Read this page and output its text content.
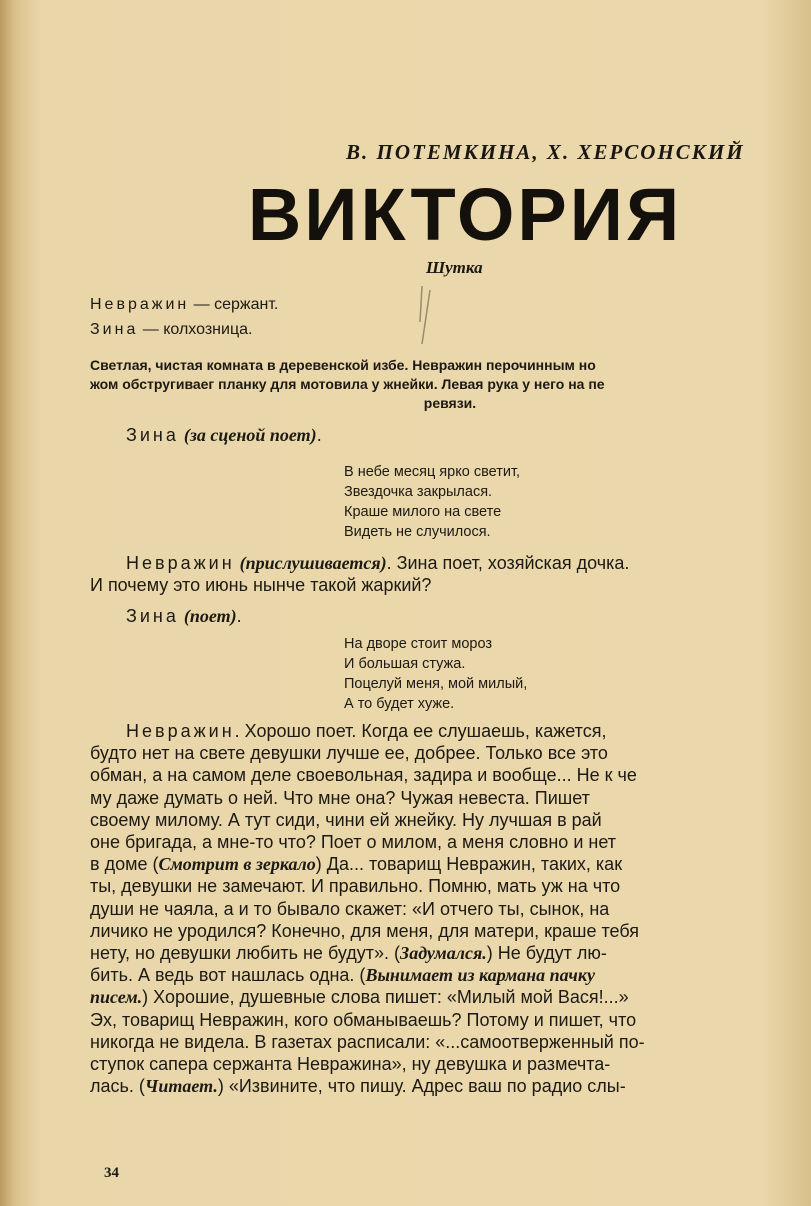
В. ПОТЕМКИНА, Х. ХЕРСОНСКИЙ
ВИКТОРИЯ
Шутка
Невражин — сержант.
Зина — колхозница.
Светлая, чистая комната в деревенской избе. Невражин перочинным но
жом обстругиваег планку для мотовила у жнейки. Левая рука у него на пе
ревязи.
Зина (за сценой поет).
В небе месяц ярко светит,
Звездочка закрылася.
Краше милого на свете
Видеть не случилося.
Невражин (прислушивается). Зина поет, хозяйская дочка.
И почему это июнь нынче такой жаркий?
Зина (поет).
На дворе стоит мороз
И большая стужа.
Поцелуй меня, мой милый,
А то будет хуже.
Невражин. Хорошо поет. Когда ее слушаешь, кажется,
будто нет на свете девушки лучше ее, добрее. Только все это
обман, а на самом деле своевольная, задира и вообще... Не к че
му даже думать о ней. Что мне она? Чужая невеста. Пишет
своему милому. А тут сиди, чини ей жнейку. Ну лучшая в рай
оне бригада, а мне-то что? Поет о милом, а меня словно и нет
в доме (Смотрит в зеркало) Да... товарищ Невражин, таких, как
ты, девушки не замечают. И правильно. Помню, мать уж на что
души не чаяла, а и то бывало скажет: «И отчего ты, сынок, на
личико не уродился? Конечно, для меня, для матери, краше тебя
нету, но девушки любить не будут». (Задумался.) Не будут лю-
бить. А ведь вот нашлась одна. (Вынимает из кармана пачку
писем.) Хорошие, душевные слова пишет: «Милый мой Вася!...»
Эх, товарищ Невражин, кого обманываешь? Потому и пишет, что
никогда не видела. В газетах расписали: «...самоотверженный по-
ступок сапера сержанта Невражина», ну девушка и размечта-
лась. (Читает.) «Извините, что пишу. Адрес ваш по радио слы-
34
